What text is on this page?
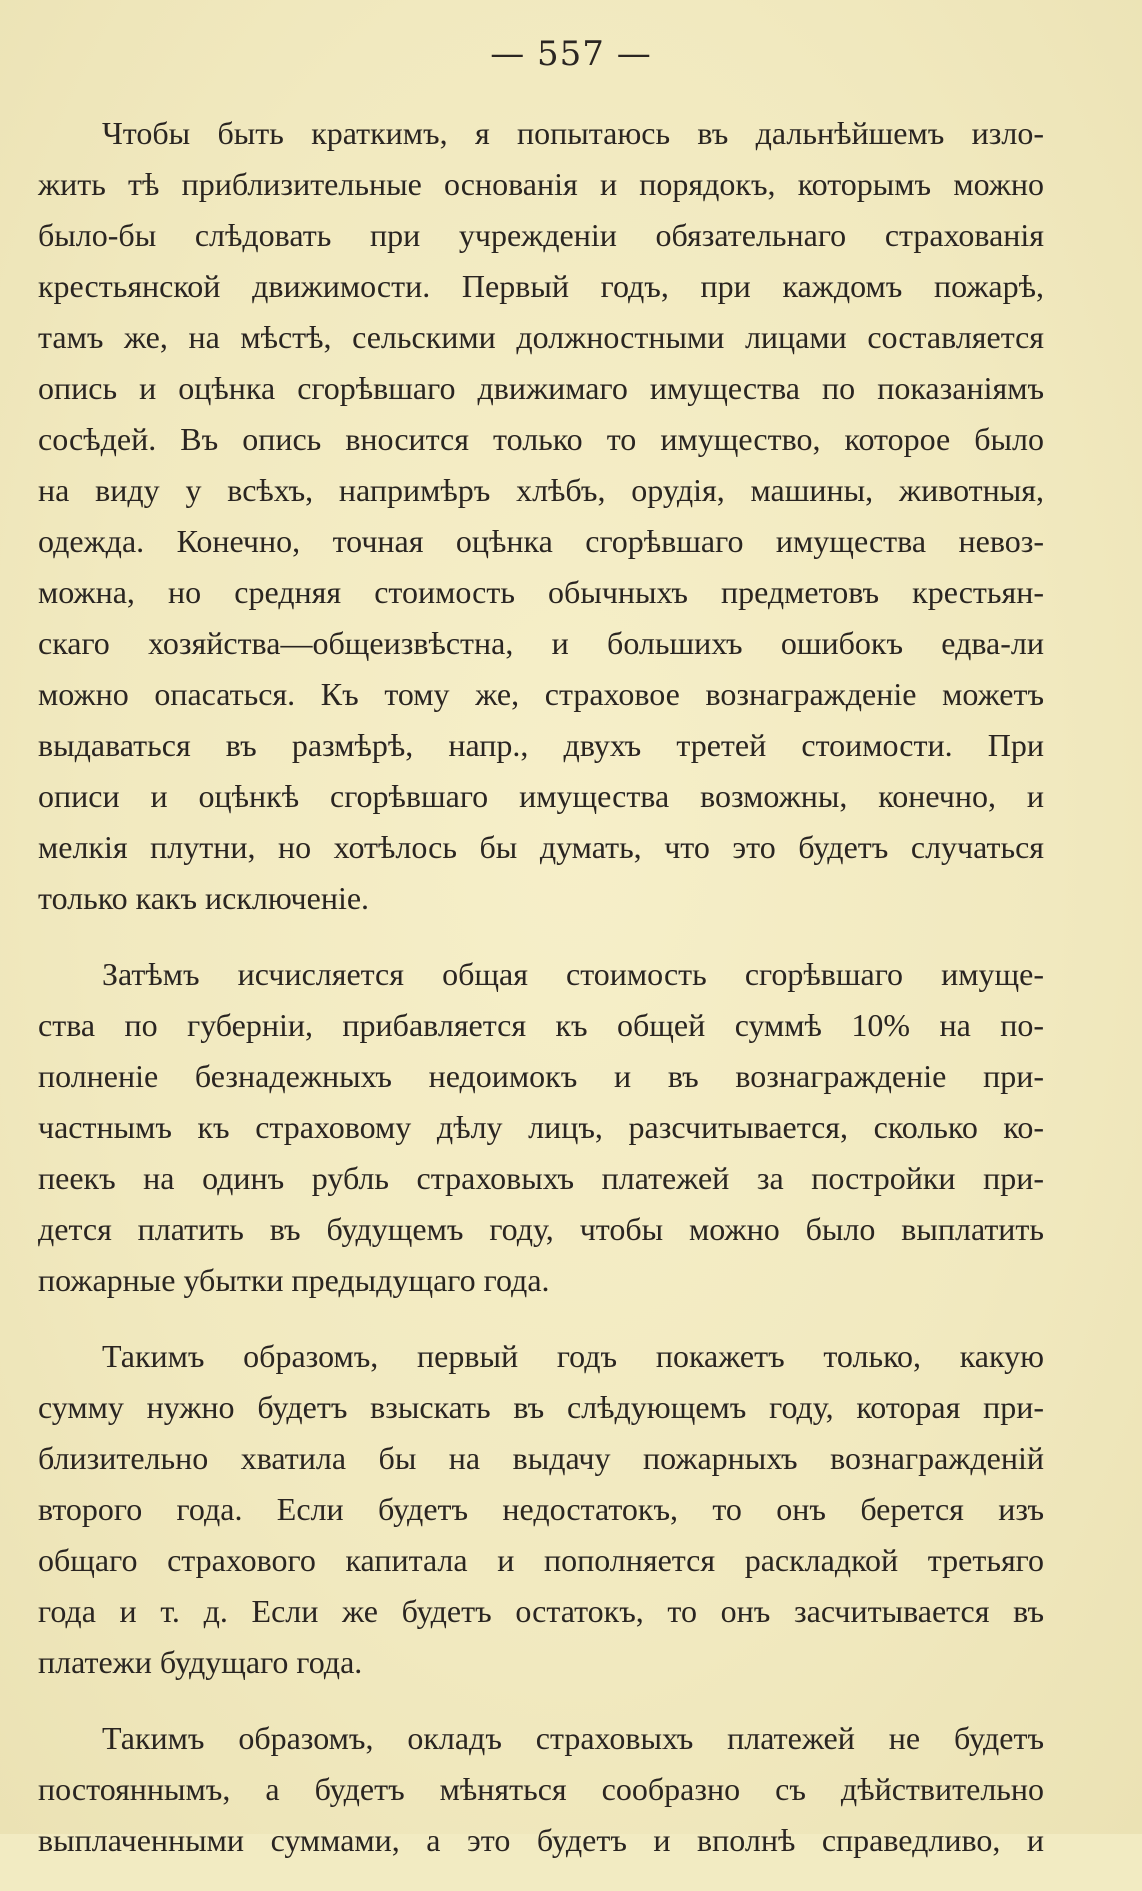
— 557 —
Чтобы быть краткимъ, я попытаюсь въ дальнѣйшемъ изло-
жить тѣ приблизительные основанія и порядокъ, которымъ можно
было-бы слѣдовать при учрежденіи обязательнаго страхованія
крестьянской движимости. Первый годъ, при каждомъ пожарѣ,
тамъ же, на мѣстѣ, сельскими должностными лицами составляется
опись и оцѣнка сгорѣвшаго движимаго имущества по показаніямъ
сосѣдей. Въ опись вносится только то имущество, которое было
на виду у всѣхъ, напримѣръ хлѣбъ, орудія, машины, животныя,
одежда. Конечно, точная оцѣнка сгорѣвшаго имущества невоз-
можна, но средняя стоимость обычныхъ предметовъ крестьян-
скаго хозяйства—общеизвѣстна, и большихъ ошибокъ едва-ли
можно опасаться. Къ тому же, страховое вознагражденіе можетъ
выдаваться въ размѣрѣ, напр., двухъ третей стоимости. При
описи и оцѣнкѣ сгорѣвшаго имущества возможны, конечно, и
мелкія плутни, но хотѣлось бы думать, что это будетъ случаться
только какъ исключеніе.
Затѣмъ исчисляется общая стоимость сгорѣвшаго имуще-
ства по губерніи, прибавляется къ общей суммѣ 10% на по-
полненіе безнадежныхъ недоимокъ и въ вознагражденіе при-
частнымъ къ страховому дѣлу лицъ, разсчитывается, сколько ко-
пеекъ на одинъ рубль страховыхъ платежей за постройки при-
дется платить въ будущемъ году, чтобы можно было выплатить
пожарные убытки предыдущаго года.
Такимъ образомъ, первый годъ покажетъ только, какую
сумму нужно будетъ взыскать въ слѣдующемъ году, которая при-
близительно хватила бы на выдачу пожарныхъ вознагражденій
второго года. Если будетъ недостатокъ, то онъ берется изъ
общаго страхового капитала и пополняется раскладкой третьяго
года и т. д. Если же будетъ остатокъ, то онъ засчитывается въ
платежи будущаго года.
Такимъ образомъ, окладъ страховыхъ платежей не будетъ
постояннымъ, а будетъ мѣняться сообразно съ дѣйствительно
выплаченными суммами, а это будетъ и вполнѣ справедливо, и
